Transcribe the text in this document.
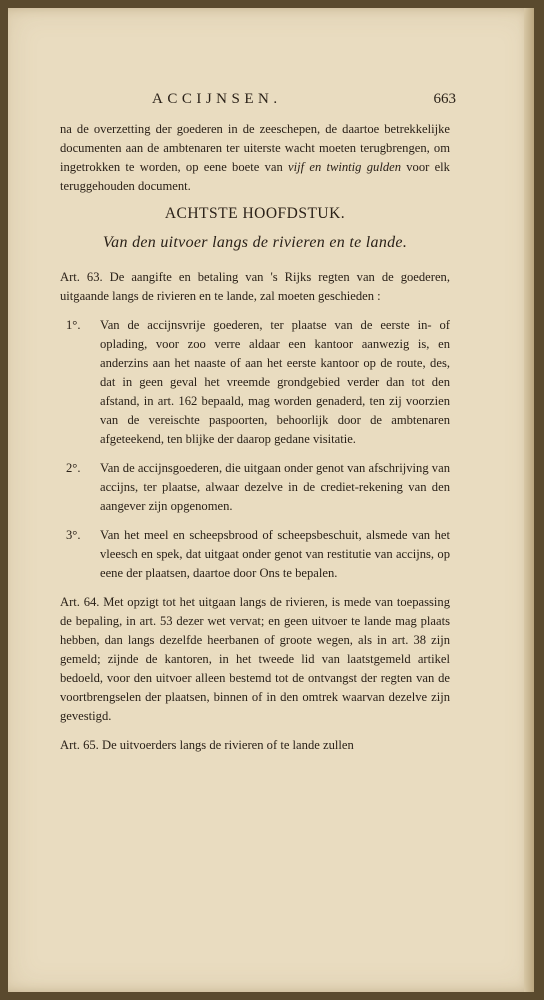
ACCIJNSEN.	663

na de overzetting der goederen in de zeeschepen, de daartoe betrekkelijke documenten aan de ambtenaren ter uiterste wacht moeten terugbrengen, om ingetrokken te worden, op eene boete van vijf en twintig gulden voor elk teruggehouden document.

ACHTSTE HOOFDSTUK.
Van den uitvoer langs de rivieren en te lande.

Art. 63. De aangifte en betaling van 's Rijks regten van de goederen, uitgaande langs de rivieren en te lande, zal moeten geschieden :

1°.	Van de accijnsvrije goederen, ter plaatse van de eerste in- of oplading, voor zoo verre aldaar een kantoor aanwezig is, en anderzins aan het naaste of aan het eerste kantoor op de route, des, dat in geen geval het vreemde grondgebied verder dan tot den afstand, in art. 162 bepaald, mag worden genaderd, ten zij voorzien van de vereischte paspoorten, behoorlijk door de ambtenaren afgeteekend, ten blijke der daarop gedane visitatie.
2°.	Van de accijnsgoederen, die uitgaan onder genot van afschrijving van accijns, ter plaatse, alwaar dezelve in de crediet-rekening van den aangever zijn opgenomen.
3°.	Van het meel en scheepsbrood of scheepsbeschuit, alsmede van het vleesch en spek, dat uitgaat onder genot van restitutie van accijns, op eene der plaatsen, daartoe door Ons te bepalen.

Art. 64. Met opzigt tot het uitgaan langs de rivieren, is mede van toepassing de bepaling, in art. 53 dezer wet vervat; en geen uitvoer te lande mag plaats hebben, dan langs dezelfde heerbanen of groote wegen, als in art. 38 zijn gemeld; zijnde de kantoren, in het tweede lid van laatstgemeld artikel bedoeld, voor den uitvoer alleen bestemd tot de ontvangst der regten van de voortbrengselen der plaatsen, binnen of in den omtrek waarvan dezelve zijn gevestigd.

Art. 65. De uitvoerders langs de rivieren of te lande zullen
